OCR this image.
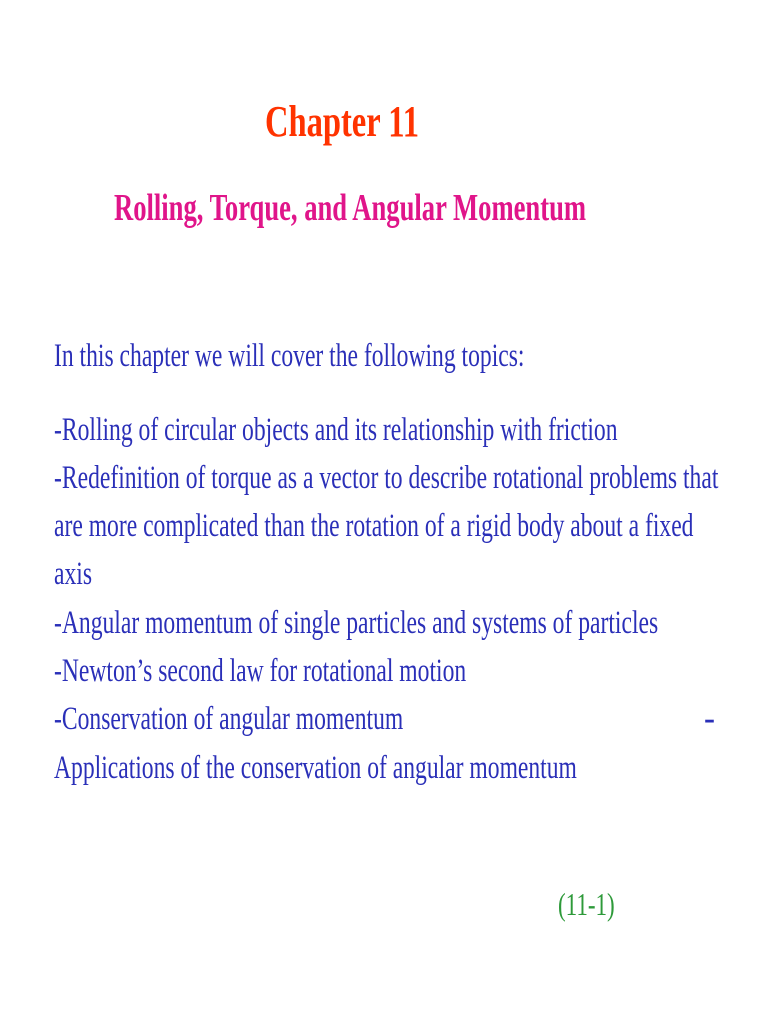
Chapter 11
Rolling, Torque, and Angular Momentum
In this chapter we will cover the following topics:
-Rolling of circular objects and its relationship with friction
-Redefinition of torque as a vector to describe rotational problems that
are more complicated than the rotation of a rigid body about a fixed
axis
-Angular momentum of single particles and systems of particles
-Newton’s second law for rotational motion
-Conservation of angular momentum	-
Applications of the conservation of angular momentum
(11-1)
